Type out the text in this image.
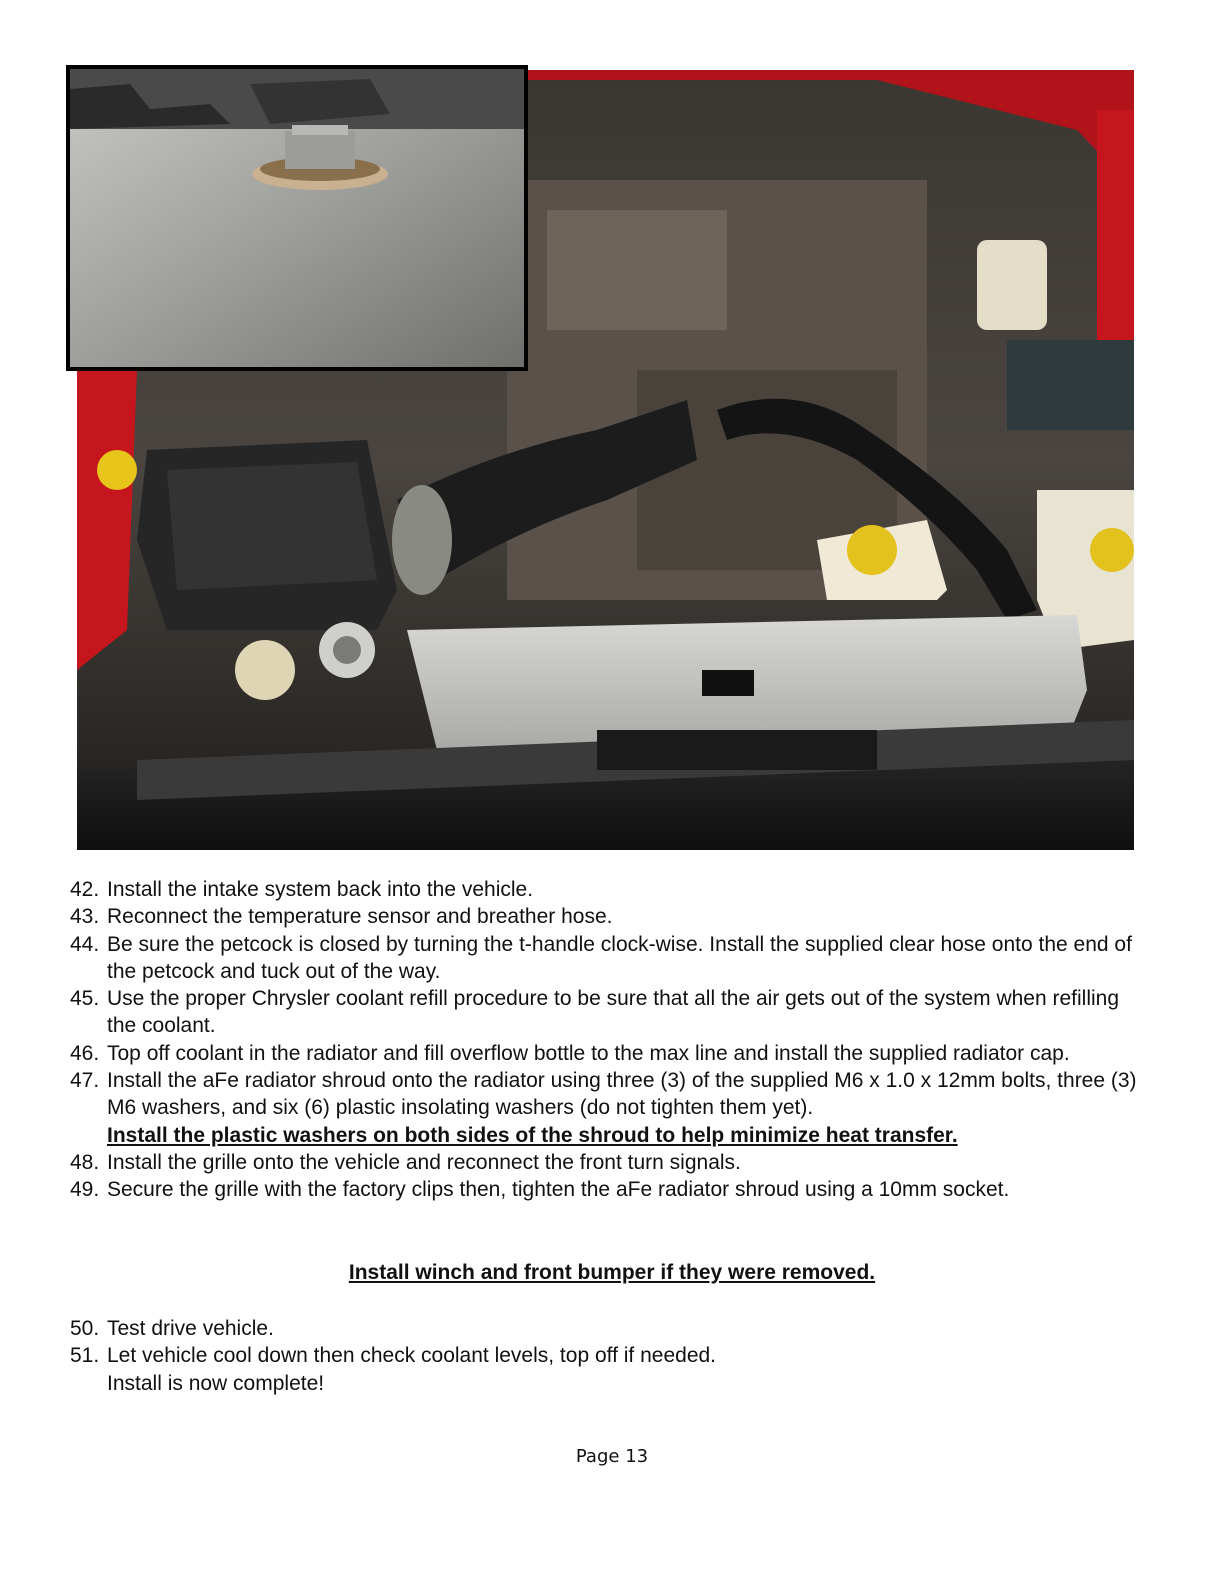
42. Install the intake system back into the vehicle.
43. Reconnect the temperature sensor and breather hose.
44. Be sure the petcock is closed by turning the t-handle clock-wise. Install the supplied clear hose onto the end of the petcock and tuck out of the way.
45. Use the proper Chrysler coolant refill procedure to be sure that all the air gets out of the system when refilling the coolant.
46. Top off coolant in the radiator and fill overflow bottle to the max line and install the supplied radiator cap.
47. Install the aFe radiator shroud onto the radiator using three (3) of the supplied M6 x 1.0 x 12mm bolts, three (3) M6 washers, and six (6) plastic insolating washers (do not tighten them yet).
Install the plastic washers on both sides of the shroud to help minimize heat transfer.
48. Install the grille onto the vehicle and reconnect the front turn signals.
49. Secure the grille with the factory clips then, tighten the aFe radiator shroud using a 10mm socket.
Install winch and front bumper if they were removed.
50. Test drive vehicle.
51. Let vehicle cool down then check coolant levels, top off if needed.
Install is now complete!
Page 13
